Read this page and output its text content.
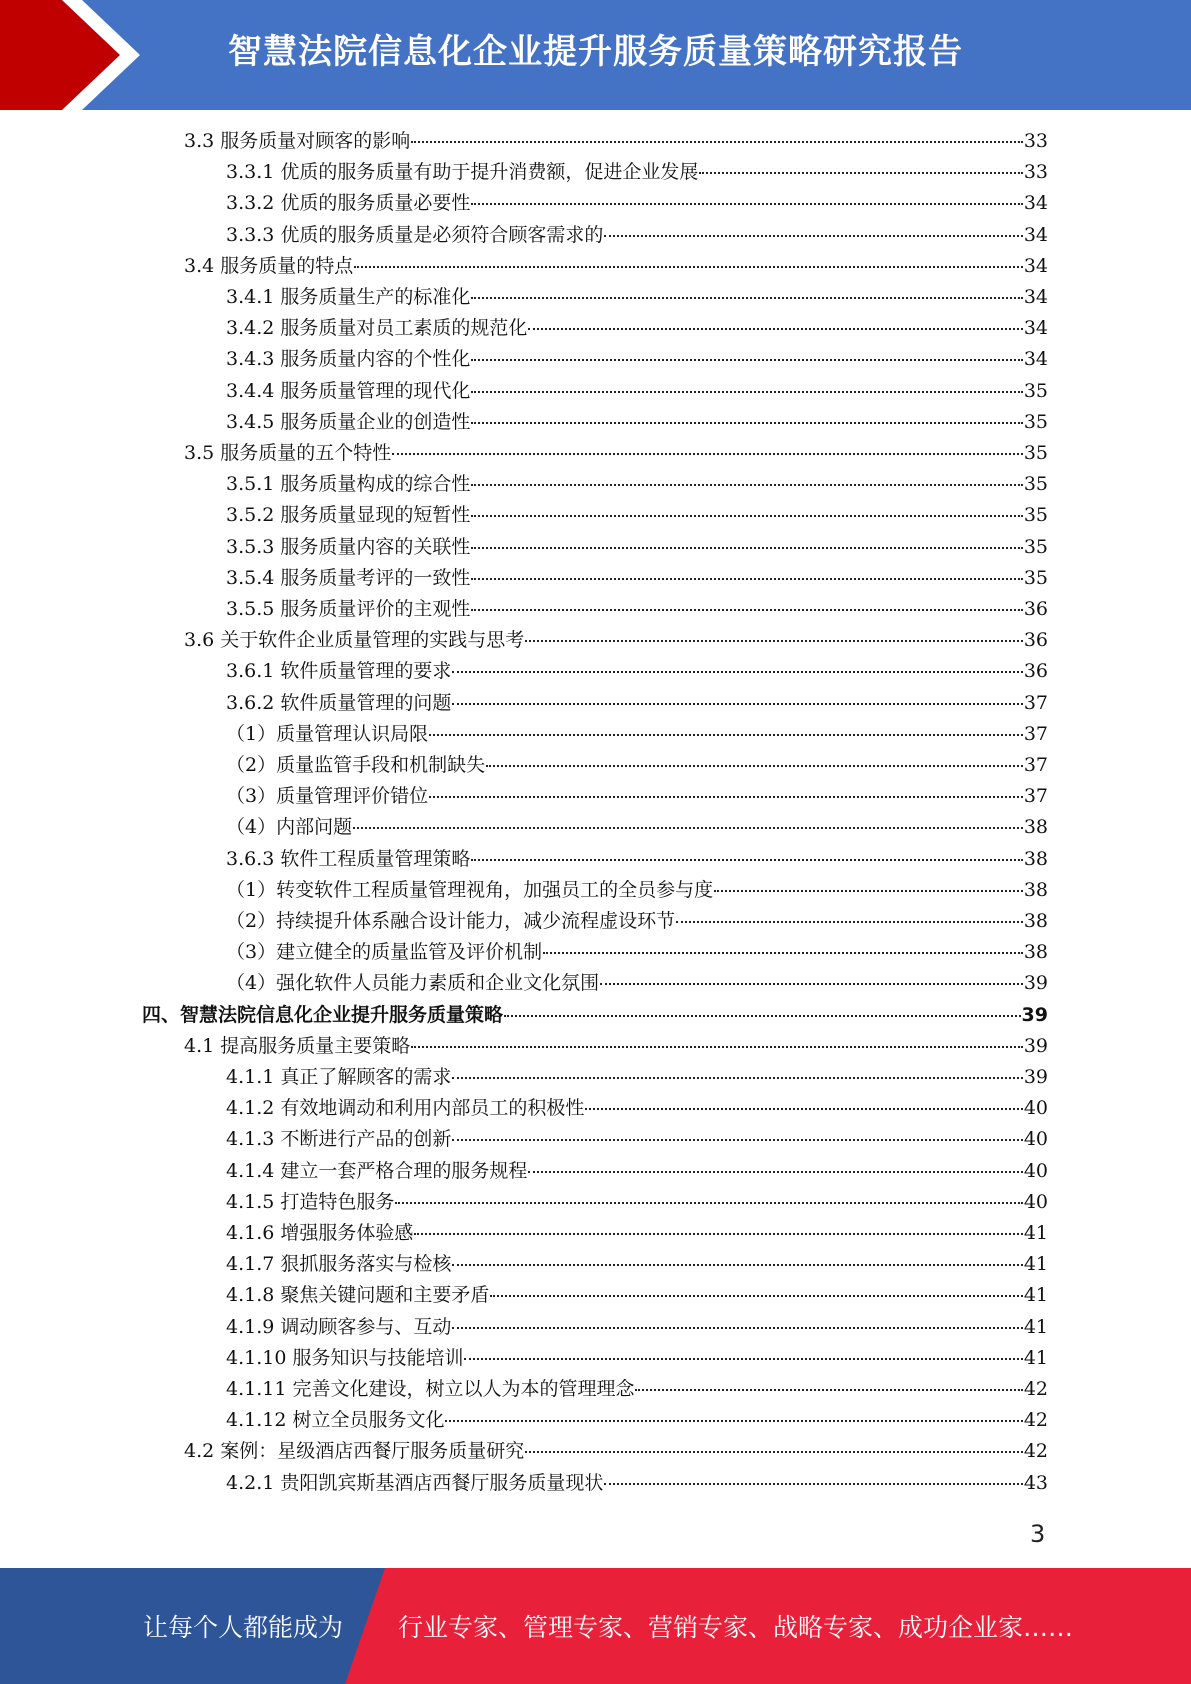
智慧法院信息化企业提升服务质量策略研究报告
3.3 服务质量对顾客的影响	33
3.3.1 优质的服务质量有助于提升消费额，促进企业发展	33
3.3.2 优质的服务质量必要性	34
3.3.3 优质的服务质量是必须符合顾客需求的	34
3.4 服务质量的特点	34
3.4.1 服务质量生产的标准化	34
3.4.2 服务质量对员工素质的规范化	34
3.4.3 服务质量内容的个性化	34
3.4.4 服务质量管理的现代化	35
3.4.5 服务质量企业的创造性	35
3.5 服务质量的五个特性	35
3.5.1 服务质量构成的综合性	35
3.5.2 服务质量显现的短暂性	35
3.5.3 服务质量内容的关联性	35
3.5.4 服务质量考评的一致性	35
3.5.5 服务质量评价的主观性	36
3.6 关于软件企业质量管理的实践与思考	36
3.6.1 软件质量管理的要求	36
3.6.2 软件质量管理的问题	37
（1）质量管理认识局限	37
（2）质量监管手段和机制缺失	37
（3）质量管理评价错位	37
（4）内部问题	38
3.6.3 软件工程质量管理策略	38
（1）转变软件工程质量管理视角，加强员工的全员参与度	38
（2）持续提升体系融合设计能力，减少流程虚设环节	38
（3）建立健全的质量监管及评价机制	38
（4）强化软件人员能力素质和企业文化氛围	39
四、智慧法院信息化企业提升服务质量策略	39
4.1 提高服务质量主要策略	39
4.1.1 真正了解顾客的需求	39
4.1.2 有效地调动和利用内部员工的积极性	40
4.1.3 不断进行产品的创新	40
4.1.4 建立一套严格合理的服务规程	40
4.1.5 打造特色服务	40
4.1.6 增强服务体验感	41
4.1.7 狠抓服务落实与检核	41
4.1.8 聚焦关键问题和主要矛盾	41
4.1.9 调动顾客参与、互动	41
4.1.10 服务知识与技能培训	41
4.1.11 完善文化建设，树立以人为本的管理理念	42
4.1.12 树立全员服务文化	42
4.2 案例：星级酒店西餐厅服务质量研究	42
4.2.1 贵阳凯宾斯基酒店西餐厅服务质量现状	43
3
让每个人都能成为 行业专家、管理专家、营销专家、战略专家、成功企业家……
